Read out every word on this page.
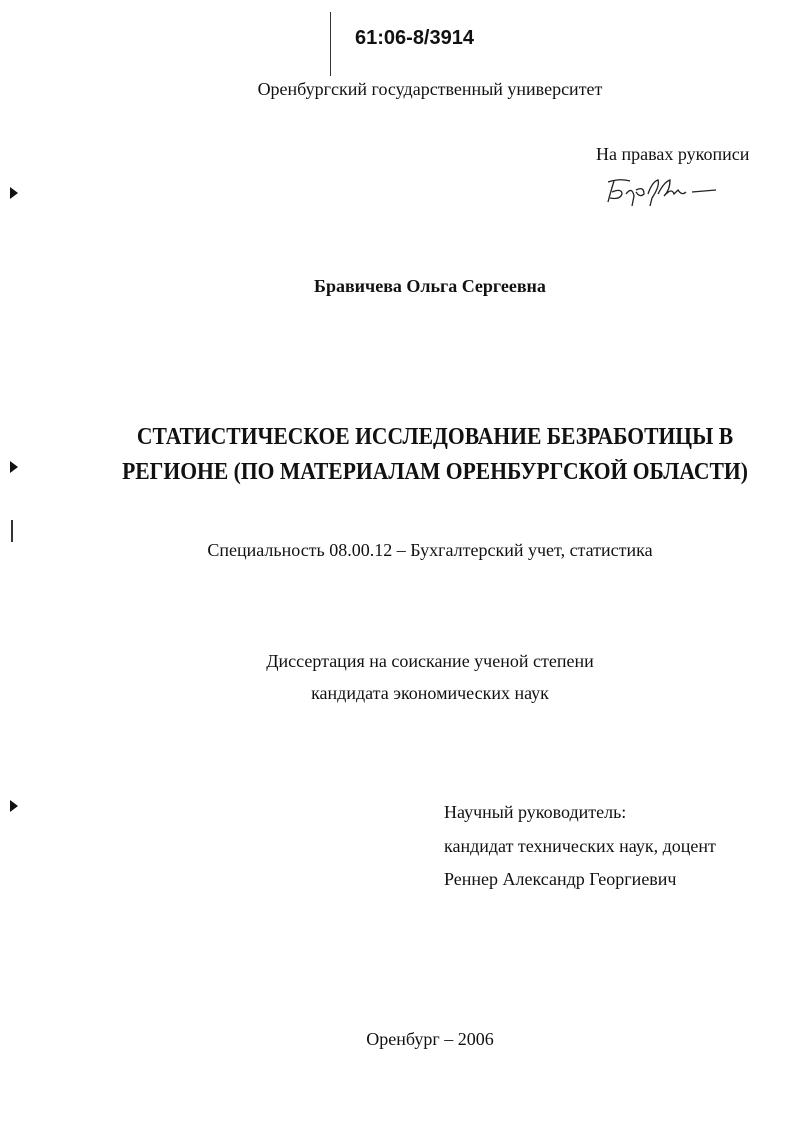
61:06-8/3914
Оренбургский государственный университет
На правах рукописи
Бравичева Ольга Сергеевна
СТАТИСТИЧЕСКОЕ ИССЛЕДОВАНИЕ БЕЗРАБОТИЦЫ В
РЕГИОНЕ (ПО МАТЕРИАЛАМ ОРЕНБУРГСКОЙ ОБЛАСТИ)
Специальность 08.00.12 – Бухгалтерский учет, статистика
Диссертация на соискание ученой степени
кандидата экономических наук
Научный руководитель:
кандидат технических наук, доцент
Реннер Александр Георгиевич
Оренбург – 2006
